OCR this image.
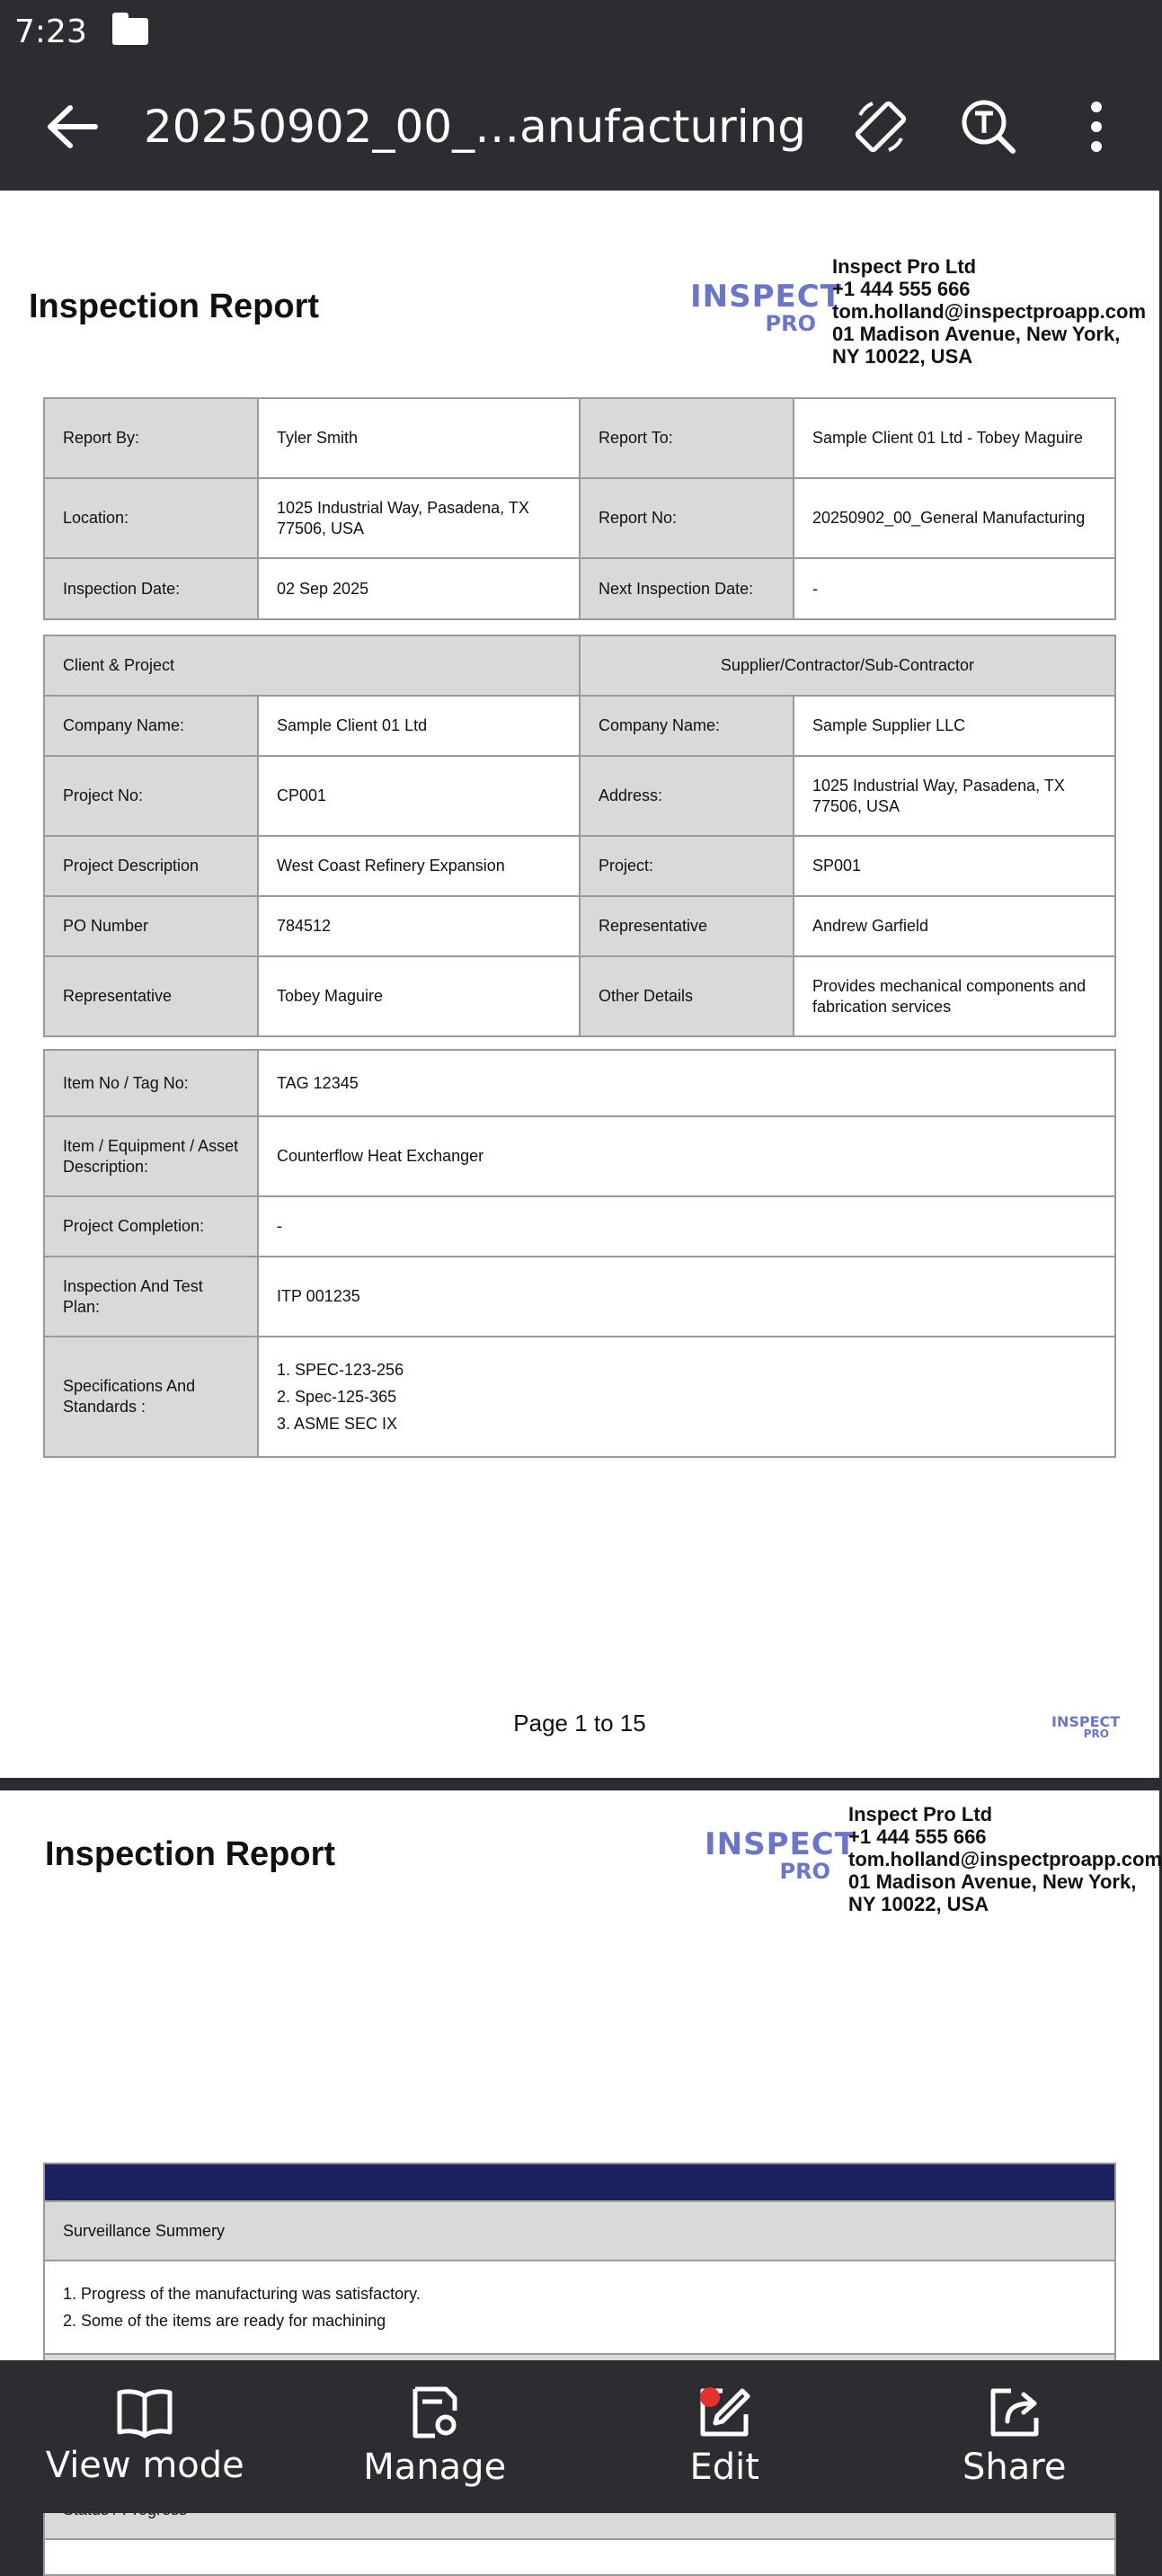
7:23
20250902_00_…anufacturing
Inspection Report	INSPECT
PRO
Inspect Pro Ltd
+1 444 555 666
tom.holland@inspectproapp.com
01 Madison Avenue, New York,
NY 10022, USA
Report By:	Tyler Smith	Report To:	Sample Client 01 Ltd - Tobey Maguire
Location:	1025 Industrial Way, Pasadena, TX 77506, USA	Report No:	20250902_00_General Manufacturing
Inspection Date:	02 Sep 2025	Next Inspection Date:	-
Client & Project		Supplier/Contractor/Sub-Contractor	
Company Name:	Sample Client 01 Ltd	Company Name:	Sample Supplier LLC
Project No:	CP001	Address:	1025 Industrial Way, Pasadena, TX 77506, USA
Project Description	West Coast Refinery Expansion	Project:	SP001
PO Number	784512	Representative	Andrew Garfield
Representative	Tobey Maguire	Other Details	Provides mechanical components and fabrication services
Item No / Tag No:	TAG 12345
Item / Equipment / Asset Description:	Counterflow Heat Exchanger
Project Completion:	-
Inspection And Test Plan:	ITP 001235
Specifications And Standards :	1. SPEC-123-256
2. Spec-125-365
3. ASME SEC IX
Page 1 to 15	INSPECT
PRO
Inspection Report	INSPECT
PRO
Inspect Pro Ltd
+1 444 555 666
tom.holland@inspectproapp.com
01 Madison Avenue, New York,
NY 10022, USA

Surveillance Summery

1. Progress of the manufacturing was satisfactory.
2. Some of the items are ready for machining

View mode	Manage	Edit	Share
